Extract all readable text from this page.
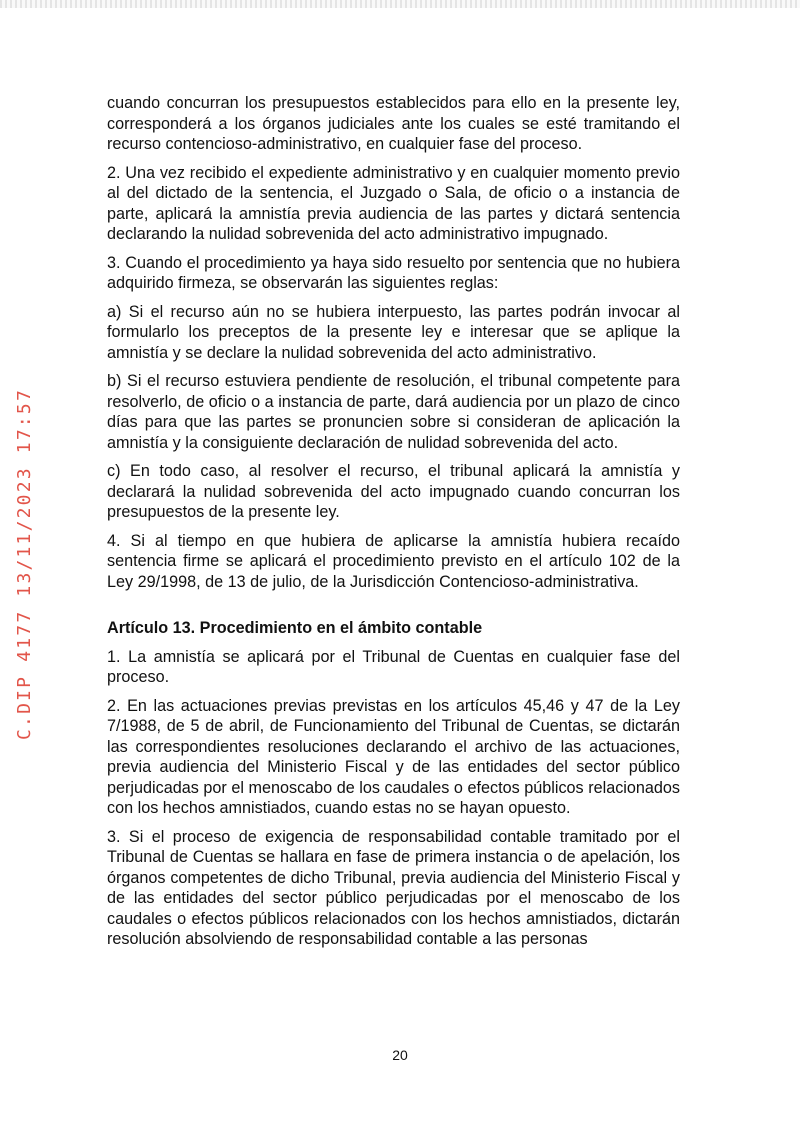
C.DIP 4177 13/11/2023 17:57

cuando concurran los presupuestos establecidos para ello en la presente ley, corresponderá a los órganos judiciales ante los cuales se esté tramitando el recurso contencioso-administrativo, en cualquier fase del proceso.

2. Una vez recibido el expediente administrativo y en cualquier momento previo al del dictado de la sentencia, el Juzgado o Sala, de oficio o a instancia de parte, aplicará la amnistía previa audiencia de las partes y dictará sentencia declarando la nulidad sobrevenida del acto administrativo impugnado.

3. Cuando el procedimiento ya haya sido resuelto por sentencia que no hubiera adquirido firmeza, se observarán las siguientes reglas:

a) Si el recurso aún no se hubiera interpuesto, las partes podrán invocar al formularlo los preceptos de la presente ley e interesar que se aplique la amnistía y se declare la nulidad sobrevenida del acto administrativo.

b) Si el recurso estuviera pendiente de resolución, el tribunal competente para resolverlo, de oficio o a instancia de parte, dará audiencia por un plazo de cinco días para que las partes se pronuncien sobre si consideran de aplicación la amnistía y la consiguiente declaración de nulidad sobrevenida del acto.

c) En todo caso, al resolver el recurso, el tribunal aplicará la amnistía y declarará la nulidad sobrevenida del acto impugnado cuando concurran los presupuestos de la presente ley.

4. Si al tiempo en que hubiera de aplicarse la amnistía hubiera recaído sentencia firme se aplicará el procedimiento previsto en el artículo 102 de la Ley 29/1998, de 13 de julio, de la Jurisdicción Contencioso-administrativa.

Artículo 13. Procedimiento en el ámbito contable

1. La amnistía se aplicará por el Tribunal de Cuentas en cualquier fase del proceso.

2. En las actuaciones previas previstas en los artículos 45,46 y 47 de la Ley 7/1988, de 5 de abril, de Funcionamiento del Tribunal de Cuentas, se dictarán las correspondientes resoluciones declarando el archivo de las actuaciones, previa audiencia del Ministerio Fiscal y de las entidades del sector público perjudicadas por el menoscabo de los caudales o efectos públicos relacionados con los hechos amnistiados, cuando estas no se hayan opuesto.

3. Si el proceso de exigencia de responsabilidad contable tramitado por el Tribunal de Cuentas se hallara en fase de primera instancia o de apelación, los órganos competentes de dicho Tribunal, previa audiencia del Ministerio Fiscal y de las entidades del sector público perjudicadas por el menoscabo de los caudales o efectos públicos relacionados con los hechos amnistiados, dictarán resolución absolviendo de responsabilidad contable a las personas

20
